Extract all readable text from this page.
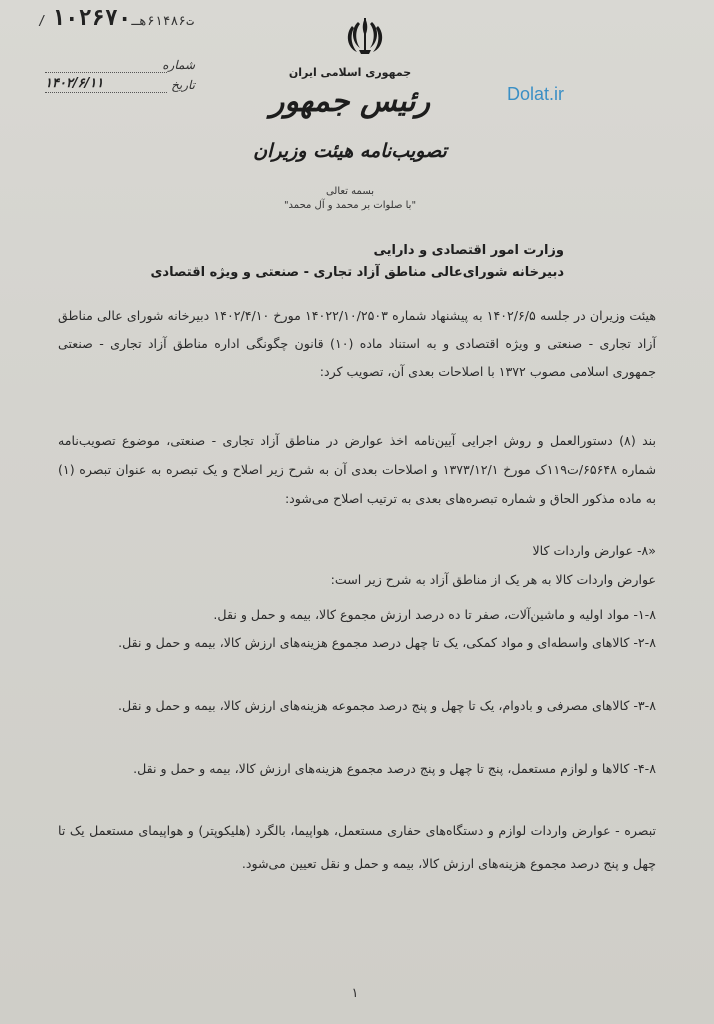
/ت۶۱۴۸۶هـ۱۰۲۶۷۰
شماره
تاریخ
۱۴۰۲/۶/۱۱
Dolat.ir
جمهوری اسلامی ایران
رئیس جمهور
تصویب‌نامه هیئت وزیران
بسمه تعالی
"با صلوات بر محمد و آل محمد"
وزارت امور اقتصادی و دارایی
دبیرخانه شورای‌عالی مناطق آزاد تجاری - صنعتی و ویژه اقتصادی
هیئت وزیران در جلسه ۱۴۰۲/۶/۵ به پیشنهاد شماره ۱۴۰۲۲/۱۰/۲۵۰۳ مورخ ۱۴۰۲/۴/۱۰ دبیرخانه شورای عالی مناطق آزاد تجاری - صنعتی و ویژه اقتصادی و به استناد ماده (۱۰) قانون چگونگی اداره مناطق آزاد تجاری - صنعتی جمهوری اسلامی مصوب ۱۳۷۲ با اصلاحات بعدی آن، تصویب کرد:
بند (۸) دستورالعمل و روش اجرایی آیین‌نامه اخذ عوارض در مناطق آزاد تجاری - صنعتی، موضوع تصویب‌نامه شماره ۶۵۶۴۸/ت۱۱۹ک مورخ ۱۳۷۳/۱۲/۱ و اصلاحات بعدی آن به شرح زیر اصلاح و یک تبصره به عنوان تبصره (۱) به ماده مذکور الحاق و شماره تبصره‌های بعدی به ترتیب اصلاح می‌شود:
«۸- عوارض واردات کالا
عوارض واردات کالا به هر یک از مناطق آزاد به شرح زیر است:
۱-۸- مواد اولیه و ماشین‌آلات، صفر تا ده درصد ارزش مجموع کالا، بیمه و حمل و نقل.
۲-۸- کالاهای واسطه‌ای و مواد کمکی، یک تا چهل درصد مجموع هزینه‌های ارزش کالا، بیمه و حمل و نقل.
۳-۸- کالاهای مصرفی و بادوام، یک تا چهل و پنج درصد مجموعه هزینه‌های ارزش کالا، بیمه و حمل و نقل.
۴-۸- کالاها و لوازم مستعمل، پنج تا چهل و پنج درصد مجموع هزینه‌های ارزش کالا، بیمه و حمل و نقل.
تبصره - عوارض واردات لوازم و دستگاه‌های حفاری مستعمل، هواپیما، بالگرد (هلیکوپتر) و هواپیمای مستعمل یک تا چهل و پنج درصد مجموع هزینه‌های ارزش کالا، بیمه و حمل و نقل تعیین می‌شود.
۱
